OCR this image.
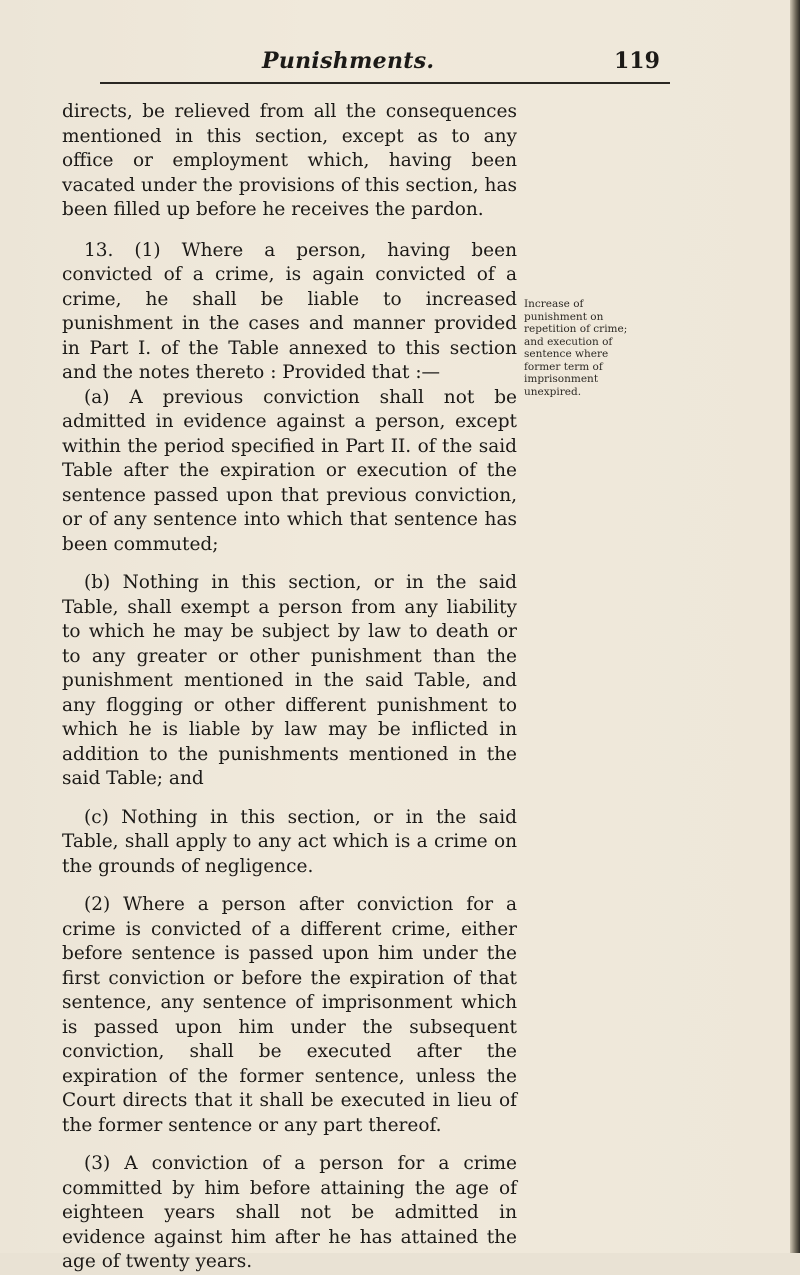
Punishments.	119

directs, be relieved from all the consequences mentioned in this section, except as to any office or employment which, having been vacated under the provisions of this section, has been filled up before he receives the pardon.

13. (1) Where a person, having been convicted of a crime, is again convicted of a crime, he shall be liable to increased punishment in the cases and manner provided in Part I. of the Table annexed to this section and the notes thereto : Provided that :—

(a) A previous conviction shall not be admitted in evidence against a person, except within the period specified in Part II. of the said Table after the expiration or execution of the sentence passed upon that previous conviction, or of any sentence into which that sentence has been commuted;

(b) Nothing in this section, or in the said Table, shall exempt a person from any liability to which he may be subject by law to death or to any greater or other punishment than the punishment mentioned in the said Table, and any flogging or other different punishment to which he is liable by law may be inflicted in addition to the punishments mentioned in the said Table; and

(c) Nothing in this section, or in the said Table, shall apply to any act which is a crime on the grounds of negligence.

(2) Where a person after conviction for a crime is convicted of a different crime, either before sentence is passed upon him under the first conviction or before the expiration of that sentence, any sentence of imprisonment which is passed upon him under the subsequent conviction, shall be executed after the expiration of the former sentence, unless the Court directs that it shall be executed in lieu of the former sentence or any part thereof.

(3) A conviction of a person for a crime committed by him before attaining the age of eighteen years shall not be admitted in evidence against him after he has attained the age of twenty years.

Increase of punishment on repetition of crime; and execution of sentence where former term of imprisonment unexpired.
